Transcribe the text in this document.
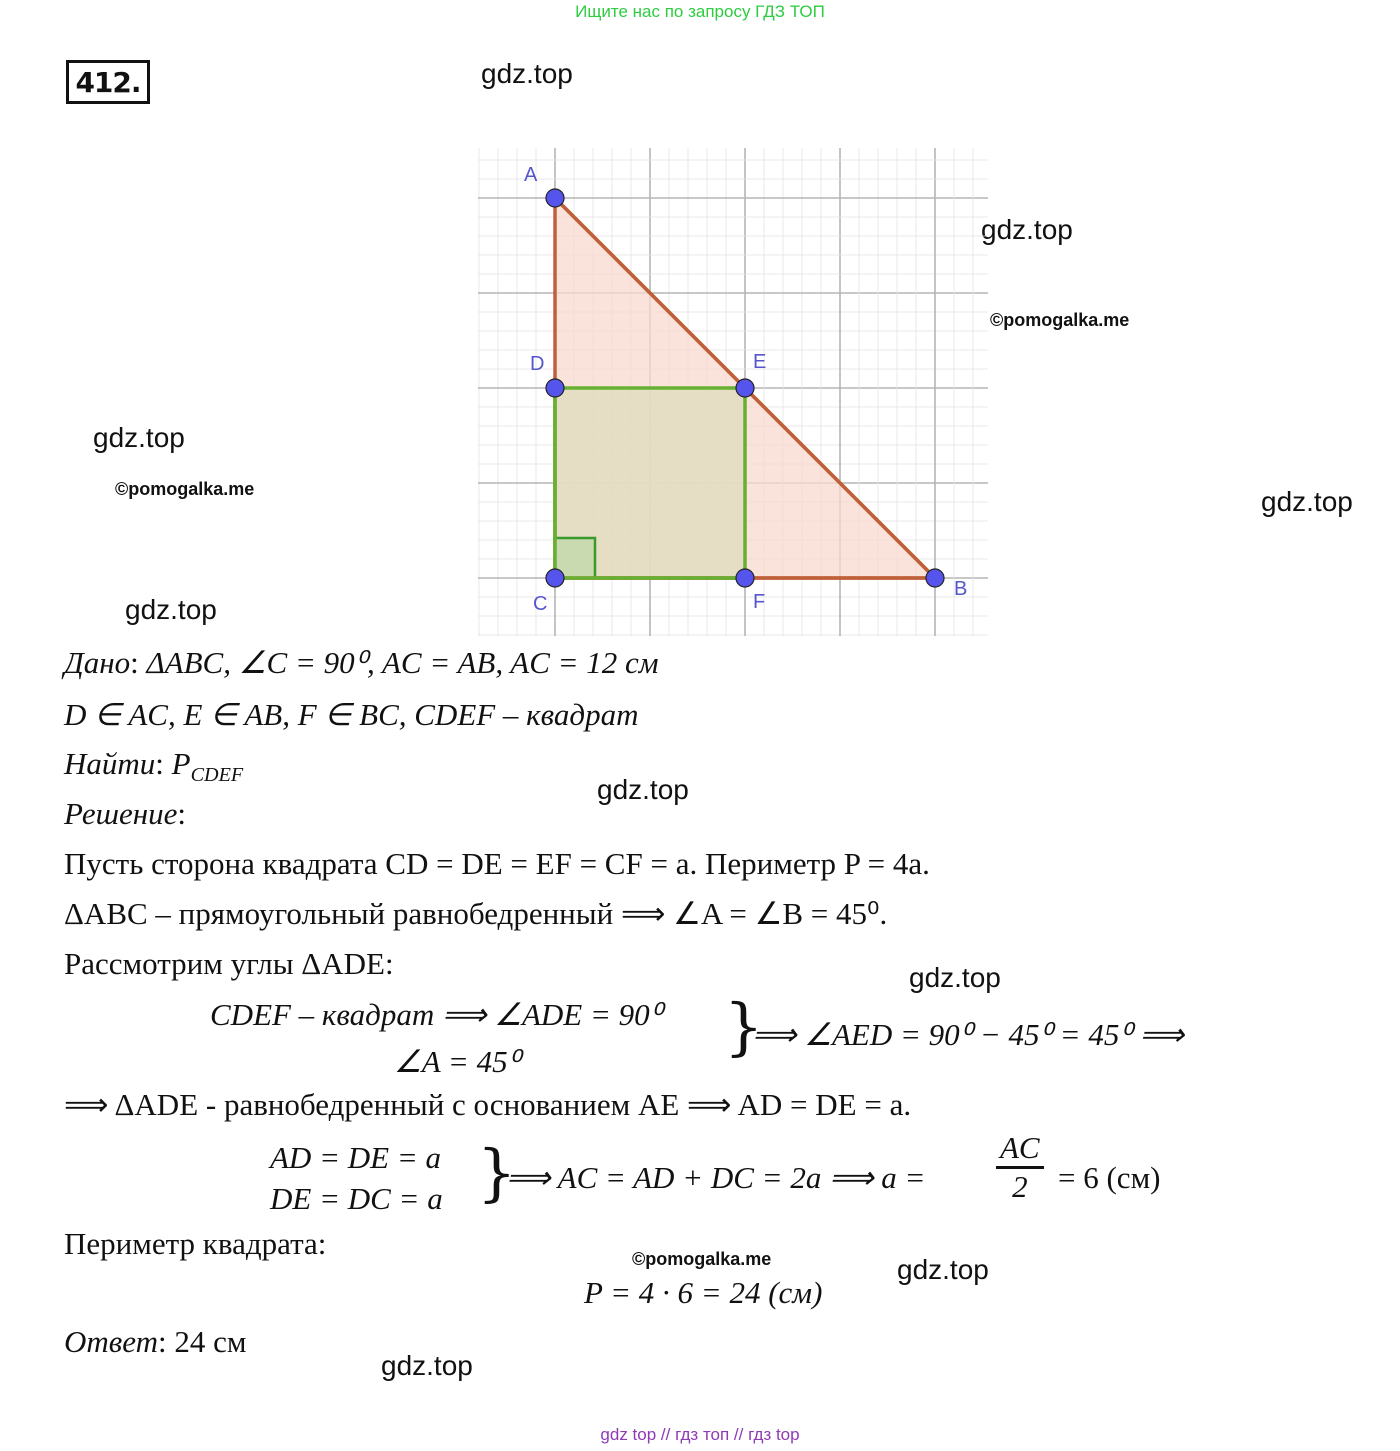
Ищите нас по запросу ГДЗ ТОП
412.	gdz.top
gdz.top
©pomogalka.me
gdz.top
©pomogalka.me	gdz.top
gdz.top
gdz.top
gdz.top
©pomogalka.me	gdz.top
gdz.top
A
D	E
C	F
B
Дано: ΔABC, ∠C = 90⁰, AC = AB, AC = 12 см
D ∈ AC, E ∈ AB, F ∈ BC, CDEF – квадрат
Найти: $P_{CDEF}$
Решение:
Пусть сторона квадрата CD = DE = EF = CF = a. Периметр P = 4a.
ΔABC – прямоугольный равнобедренный ⟹ ∠A = ∠B = 45⁰.
Рассмотрим углы ΔADE:
CDEF – квадрат ⟹ ∠ADE = 90⁰
∠A = 45⁰	}
⟹ ∠AED = 90⁰ − 45⁰ = 45⁰ ⟹
⟹ ΔADE - равнобедренный с основанием AE ⟹ AD = DE = a.
AD = DE = a
DE = DC = a }
⟹ AC = AD + DC = 2a ⟹ $a = \frac{AC}{2} = 6$ (см)
Периметр квадрата:
P = 4 · 6 = 24 (см)
Ответ: 24 см
gdz top // гдз топ // гдз top
